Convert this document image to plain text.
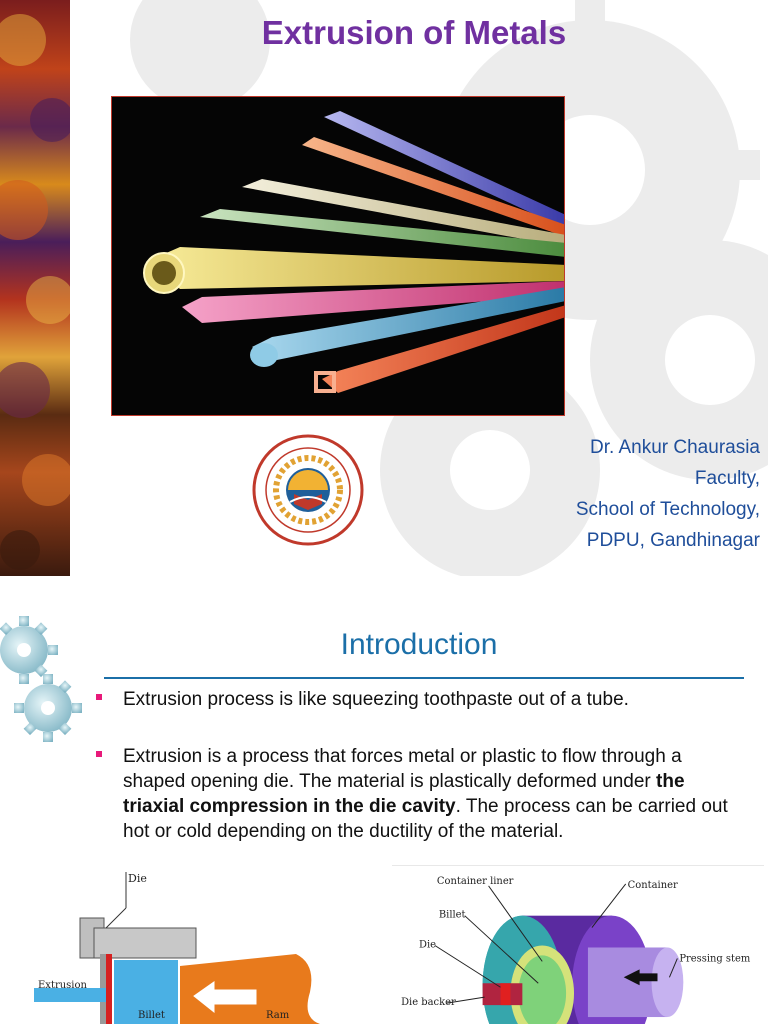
Extrusion of Metals
Dr. Ankur Chaurasia
Faculty,
School of Technology,
PDPU, Gandhinagar
Introduction
Extrusion process is like squeezing toothpaste out of a tube.
Extrusion is a process that forces metal or plastic to flow through a shaped opening die. The material is plastically deformed under the triaxial compression in the die cavity. The process can be carried out hot or cold depending on the ductility of the material.
Die
Extrusion
Billet	Ram
Container liner	Container
Billet
Die
Pressing stem
Die backer
